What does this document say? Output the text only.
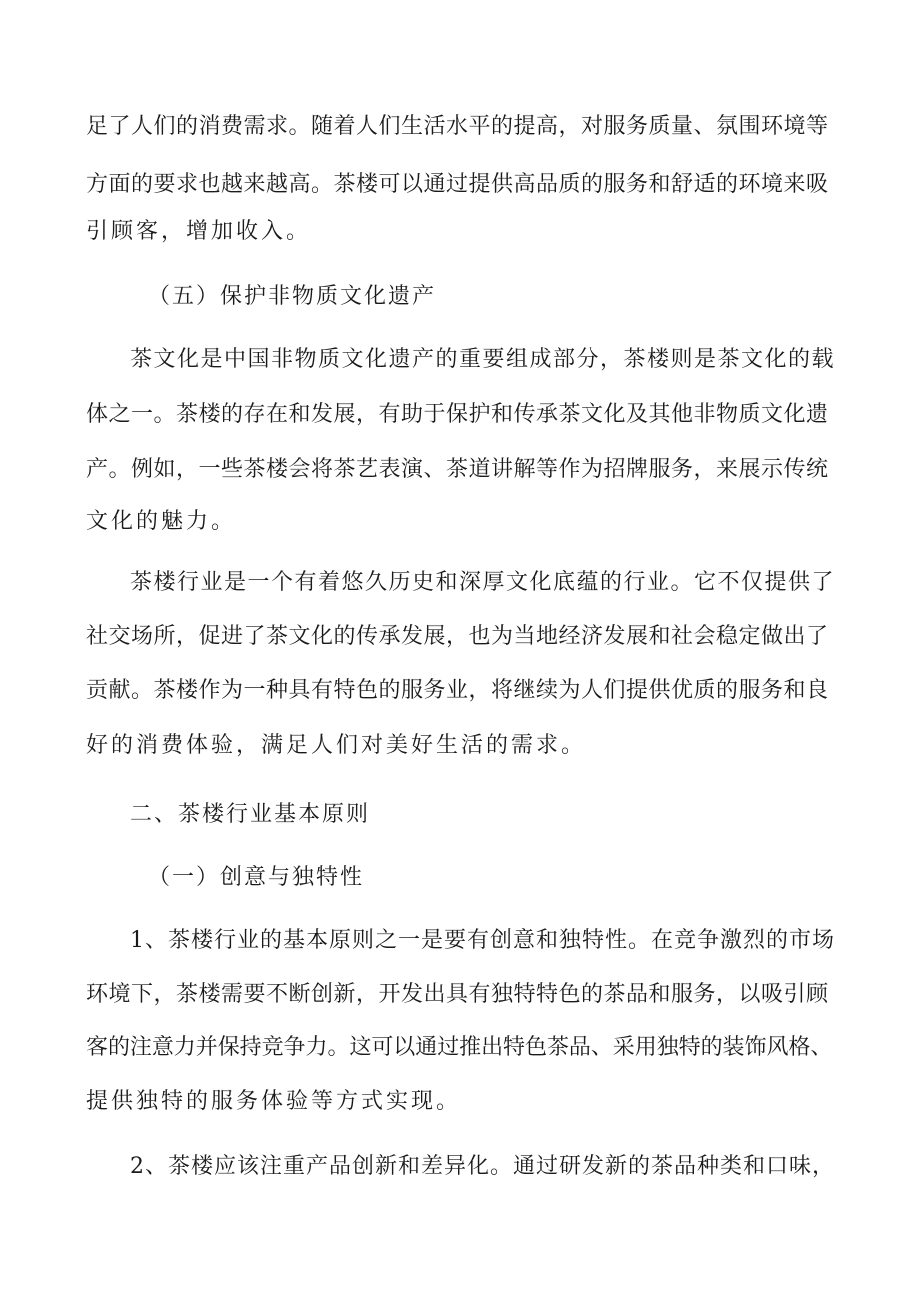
足了人们的消费需求。随着人们生活水平的提高，对服务质量、氛围环境等
方面的要求也越来越高。茶楼可以通过提供高品质的服务和舒适的环境来吸
引顾客，增加收入。
（五）保护非物质文化遗产
茶文化是中国非物质文化遗产的重要组成部分，茶楼则是茶文化的载
体之一。茶楼的存在和发展，有助于保护和传承茶文化及其他非物质文化遗
产。例如，一些茶楼会将茶艺表演、茶道讲解等作为招牌服务，来展示传统
文化的魅力。
茶楼行业是一个有着悠久历史和深厚文化底蕴的行业。它不仅提供了
社交场所，促进了茶文化的传承发展，也为当地经济发展和社会稳定做出了
贡献。茶楼作为一种具有特色的服务业，将继续为人们提供优质的服务和良
好的消费体验，满足人们对美好生活的需求。
二、茶楼行业基本原则
（一）创意与独特性
1、茶楼行业的基本原则之一是要有创意和独特性。在竞争激烈的市场
环境下，茶楼需要不断创新，开发出具有独特特色的茶品和服务，以吸引顾
客的注意力并保持竞争力。这可以通过推出特色茶品、采用独特的装饰风格、
提供独特的服务体验等方式实现。
2、茶楼应该注重产品创新和差异化。通过研发新的茶品种类和口味，
